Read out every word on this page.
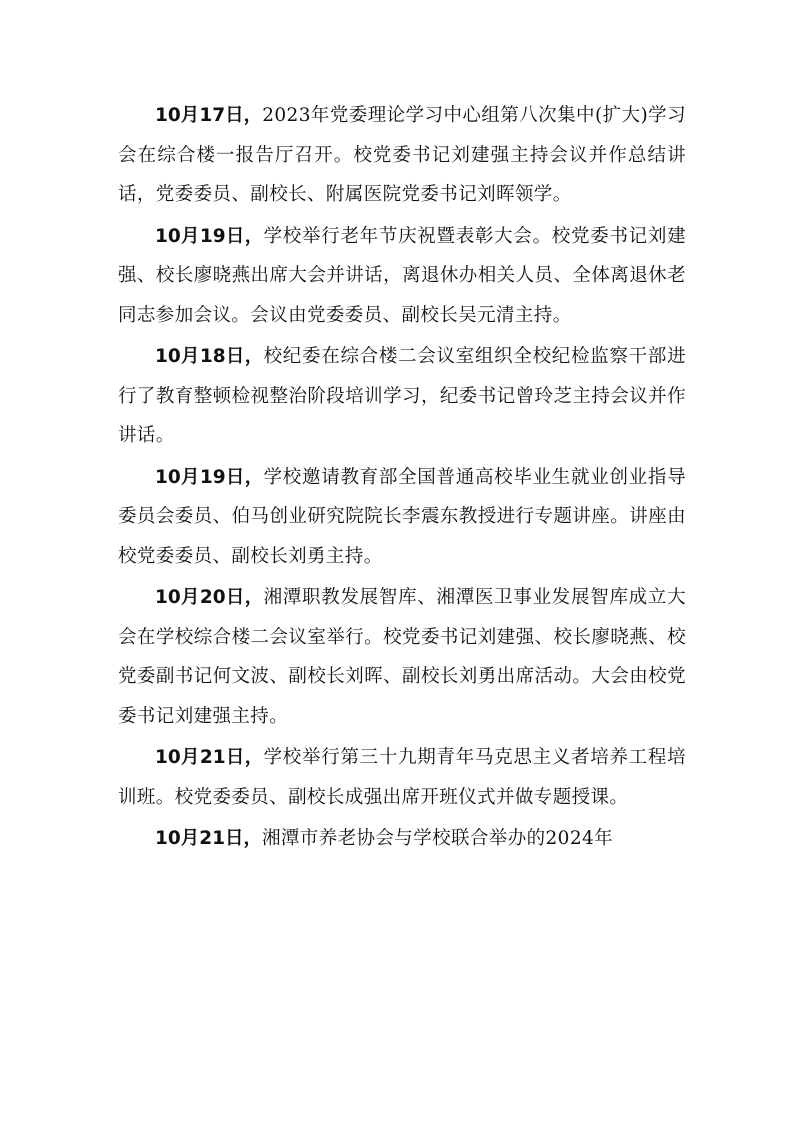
10月17日，2023年党委理论学习中心组第八次集中(扩大)学习会在综合楼一报告厅召开。校党委书记刘建强主持会议并作总结讲话，党委委员、副校长、附属医院党委书记刘晖领学。

10月19日，学校举行老年节庆祝暨表彰大会。校党委书记刘建强、校长廖晓燕出席大会并讲话，离退休办相关人员、全体离退休老同志参加会议。会议由党委委员、副校长吴元清主持。

10月18日，校纪委在综合楼二会议室组织全校纪检监察干部进行了教育整顿检视整治阶段培训学习，纪委书记曾玲芝主持会议并作讲话。

10月19日，学校邀请教育部全国普通高校毕业生就业创业指导委员会委员、伯马创业研究院院长李震东教授进行专题讲座。讲座由校党委委员、副校长刘勇主持。

10月20日，湘潭职教发展智库、湘潭医卫事业发展智库成立大会在学校综合楼二会议室举行。校党委书记刘建强、校长廖晓燕、校党委副书记何文波、副校长刘晖、副校长刘勇出席活动。大会由校党委书记刘建强主持。

10月21日，学校举行第三十九期青年马克思主义者培养工程培训班。校党委委员、副校长成强出席开班仪式并做专题授课。

10月21日，湘潭市养老协会与学校联合举办的2024年
